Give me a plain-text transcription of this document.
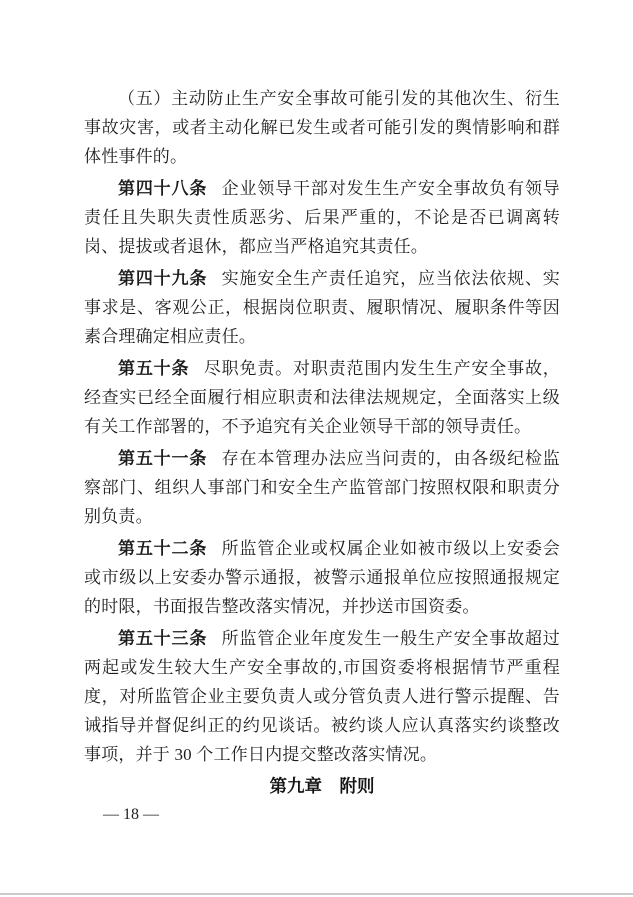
（五）主动防止生产安全事故可能引发的其他次生、衍生事故灾害，或者主动化解已发生或者可能引发的舆情影响和群体性事件的。

第四十八条 企业领导干部对发生生产安全事故负有领导责任且失职失责性质恶劣、后果严重的，不论是否已调离转岗、提拔或者退休，都应当严格追究其责任。

第四十九条 实施安全生产责任追究，应当依法依规、实事求是、客观公正，根据岗位职责、履职情况、履职条件等因素合理确定相应责任。

第五十条 尽职免责。对职责范围内发生生产安全事故，经查实已经全面履行相应职责和法律法规规定，全面落实上级有关工作部署的，不予追究有关企业领导干部的领导责任。

第五十一条 存在本管理办法应当问责的，由各级纪检监察部门、组织人事部门和安全生产监管部门按照权限和职责分别负责。

第五十二条 所监管企业或权属企业如被市级以上安委会或市级以上安委办警示通报，被警示通报单位应按照通报规定的时限，书面报告整改落实情况，并抄送市国资委。

第五十三条 所监管企业年度发生一般生产安全事故超过两起或发生较大生产安全事故的,市国资委将根据情节严重程度，对所监管企业主要负责人或分管负责人进行警示提醒、告诫指导并督促纠正的约见谈话。被约谈人应认真落实约谈整改事项，并于 30 个工作日内提交整改落实情况。

第九章　附则

— 18 —
